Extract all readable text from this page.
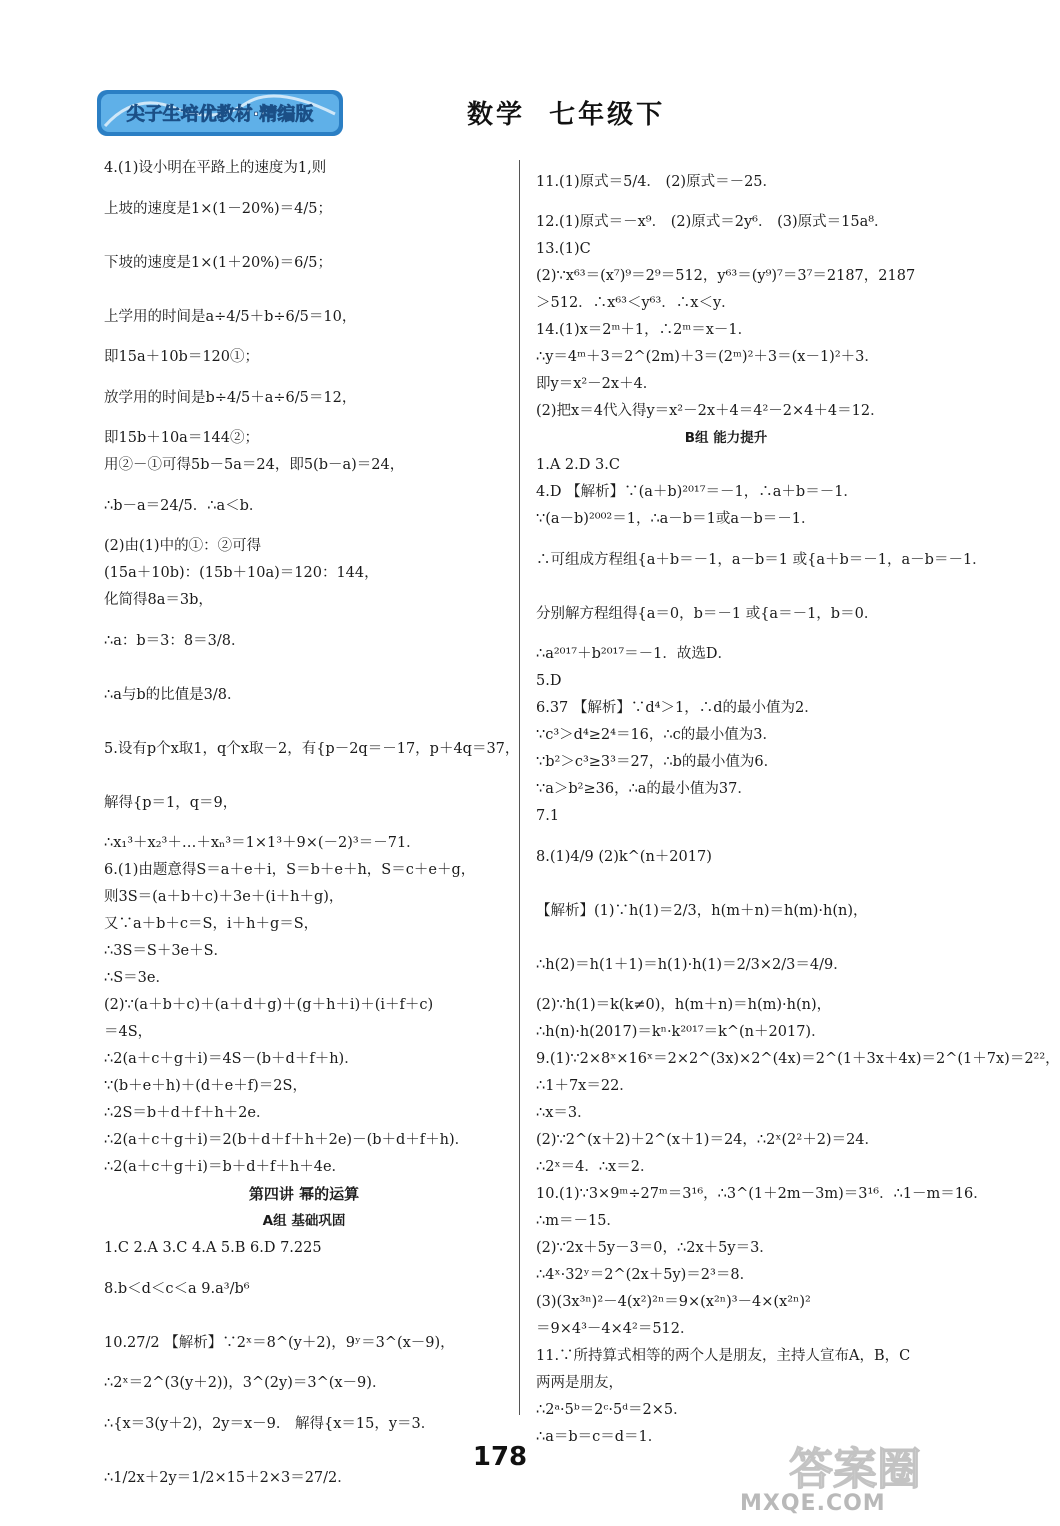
尖子生培优教材·精编版	数学  七年级下
4.(1)设小明在平路上的速度为1,则
上坡的速度是1×(1－20%)＝4/5；
下坡的速度是1×(1＋20%)＝6/5；
上学用的时间是a÷4/5＋b÷6/5＝10，
即15a＋10b＝120①；
放学用的时间是b÷4/5＋a÷6/5＝12，
即15b＋10a＝144②；
用②－①可得5b－5a＝24，即5(b－a)＝24，
∴b－a＝24/5．∴a＜b．
(2)由(1)中的①：②可得
(15a＋10b)：(15b＋10a)＝120：144，
化简得8a＝3b，
∴a：b＝3：8＝3/8．
∴a与b的比值是3/8．
5.设有p个x取1，q个x取－2，有{p－2q＝－17，p＋4q＝37，
解得{p＝1，q＝9，
∴x₁³＋x₂³＋…＋xₙ³＝1×1³＋9×(－2)³＝－71．
6.(1)由题意得S＝a＋e＋i，S＝b＋e＋h，S＝c＋e＋g，
则3S＝(a＋b＋c)＋3e＋(i＋h＋g)，
又∵a＋b＋c＝S，i＋h＋g＝S，
∴3S＝S＋3e＋S．
∴S＝3e．
(2)∵(a＋b＋c)＋(a＋d＋g)＋(g＋h＋i)＋(i＋f＋c)
＝4S，
∴2(a＋c＋g＋i)＝4S－(b＋d＋f＋h)．
∵(b＋e＋h)＋(d＋e＋f)＝2S，
∴2S＝b＋d＋f＋h＋2e．
∴2(a＋c＋g＋i)＝2(b＋d＋f＋h＋2e)－(b＋d＋f＋h)．
∴2(a＋c＋g＋i)＝b＋d＋f＋h＋4e．
第四讲 幂的运算
A组 基础巩固
1.C 2.A 3.C 4.A 5.B 6.D 7.225
8.b＜d＜c＜a 9.a³/b⁶
10.27/2 【解析】∵2ˣ＝8^(y＋2)，9ʸ＝3^(x－9)，
∴2ˣ＝2^(3(y＋2))，3^(2y)＝3^(x－9)．
∴{x＝3(y＋2)，2y＝x－9． 解得{x＝15，y＝3．
∴1/2x＋2y＝1/2×15＋2×3＝27/2．
11.(1)原式＝5/4． (2)原式＝－25．
12.(1)原式＝－x⁹． (2)原式＝2y⁶． (3)原式＝15a⁸．
13.(1)C
(2)∵x⁶³＝(x⁷)⁹＝2⁹＝512，y⁶³＝(y⁹)⁷＝3⁷＝2187，2187
＞512．∴x⁶³＜y⁶³．∴x＜y．
14.(1)x＝2ᵐ＋1，∴2ᵐ＝x－1．
∴y＝4ᵐ＋3＝2^(2m)＋3＝(2ᵐ)²＋3＝(x－1)²＋3．
即y＝x²－2x＋4．
(2)把x＝4代入得y＝x²－2x＋4＝4²－2×4＋4＝12．
B组 能力提升
1.A 2.D 3.C
4.D 【解析】∵(a＋b)²⁰¹⁷＝－1，∴a＋b＝－1．
∵(a－b)²⁰⁰²＝1，∴a－b＝1或a－b＝－1．
∴可组成方程组{a＋b＝－1，a－b＝1 或{a＋b＝－1，a－b＝－1．
分别解方程组得{a＝0，b＝－1 或{a＝－1，b＝0．
∴a²⁰¹⁷＋b²⁰¹⁷＝－1．故选D．
5.D
6.37 【解析】∵d⁴＞1，∴d的最小值为2．
∵c³＞d⁴≥2⁴＝16，∴c的最小值为3．
∵b²＞c³≥3³＝27，∴b的最小值为6．
∵a＞b²≥36，∴a的最小值为37．
7.1
8.(1)4/9 (2)k^(n＋2017)
【解析】(1)∵h(1)＝2/3，h(m＋n)＝h(m)·h(n)，
∴h(2)＝h(1＋1)＝h(1)·h(1)＝2/3×2/3＝4/9．
(2)∵h(1)＝k(k≠0)，h(m＋n)＝h(m)·h(n)，
∴h(n)·h(2017)＝kⁿ·k²⁰¹⁷＝k^(n＋2017)．
9.(1)∵2×8ˣ×16ˣ＝2×2^(3x)×2^(4x)＝2^(1＋3x＋4x)＝2^(1＋7x)＝2²²，
∴1＋7x＝22．
∴x＝3．
(2)∵2^(x＋2)＋2^(x＋1)＝24，∴2ˣ(2²＋2)＝24．
∴2ˣ＝4．∴x＝2．
10.(1)∵3×9ᵐ÷27ᵐ＝3¹⁶，∴3^(1＋2m－3m)＝3¹⁶．∴1－m＝16．
∴m＝－15．
(2)∵2x＋5y－3＝0，∴2x＋5y＝3．
∴4ˣ·32ʸ＝2^(2x＋5y)＝2³＝8．
(3)(3x³ⁿ)²－4(x²)²ⁿ＝9×(x²ⁿ)³－4×(x²ⁿ)²
＝9×4³－4×4²＝512．
11.∵所持算式相等的两个人是朋友，主持人宣布A，B，C
两两是朋友，
∴2ᵃ·5ᵇ＝2ᶜ·5ᵈ＝2×5．
∴a＝b＝c＝d＝1．
178	答案圈
MXQE.COM
